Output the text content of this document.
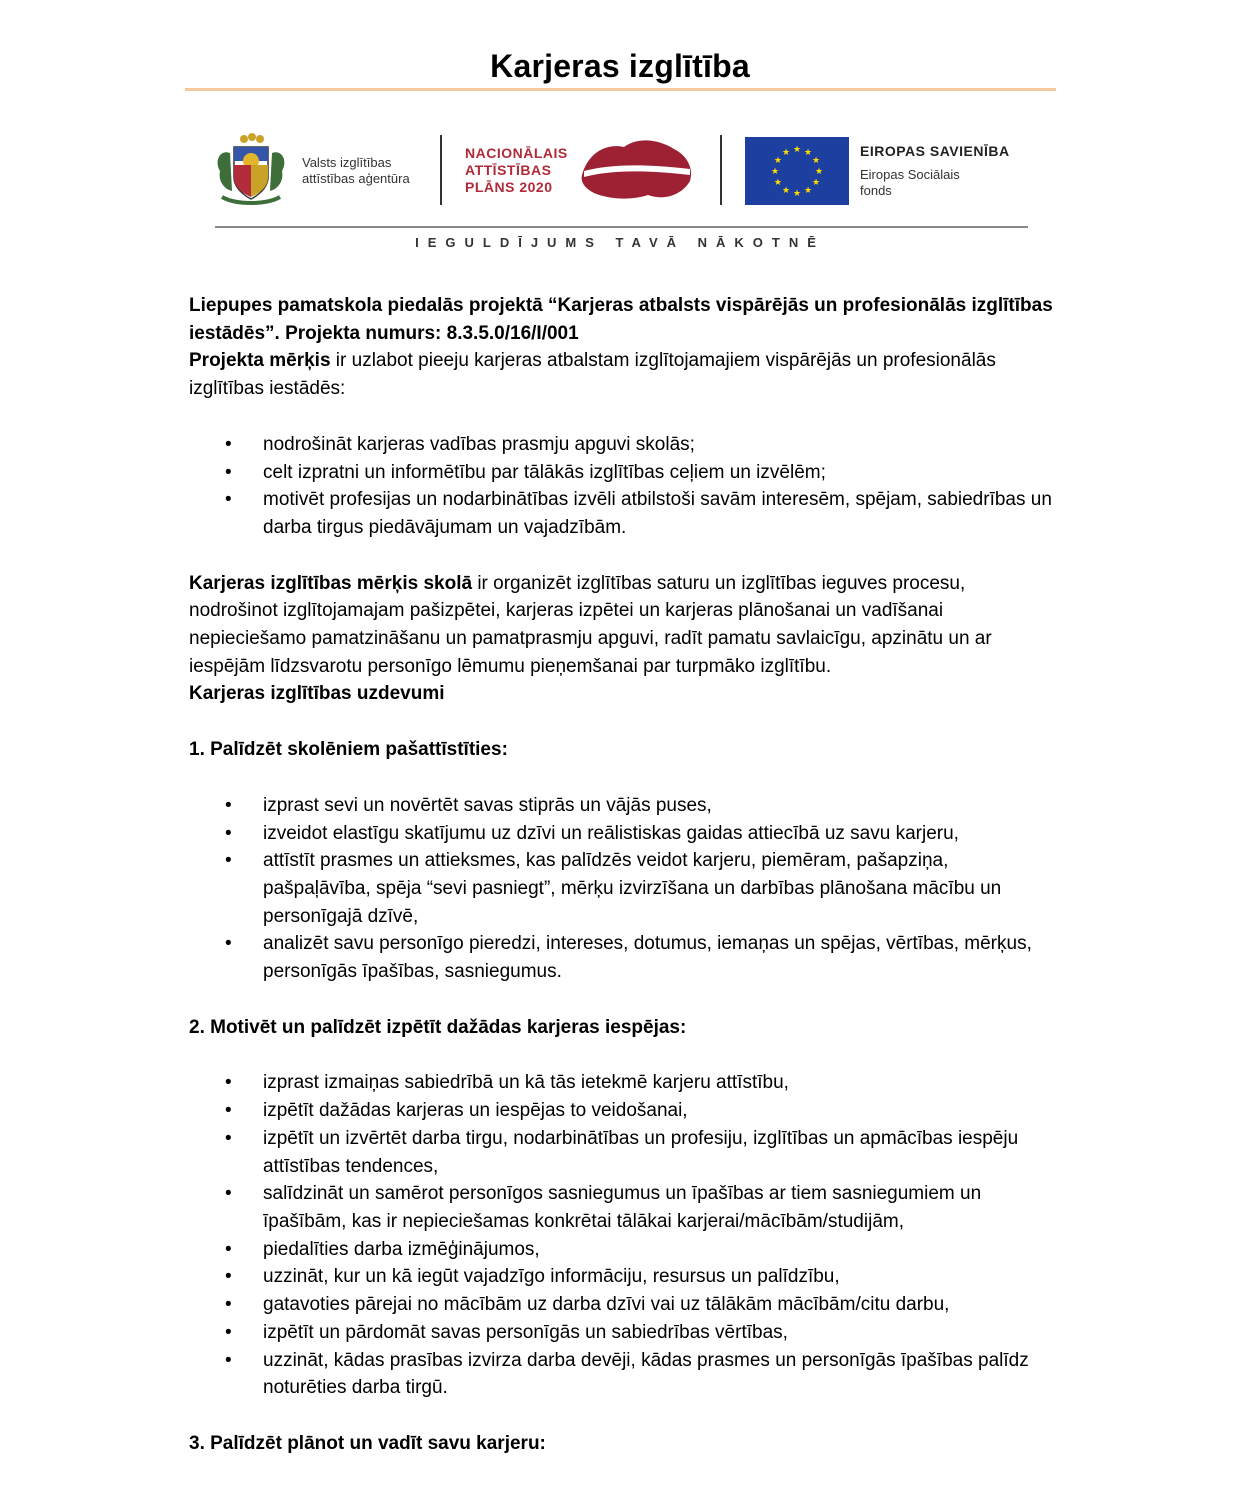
Karjeras izglītība
Valsts izglītības
attīstības aģentūra
NACIONĀLAIS
ATTĪSTĪBAS
PLĀNS 2020
★
★
★
★
★
★
★
★
★ ★ ★
★
EIROPAS SAVIENĪBA
Eiropas Sociālais
fonds
IEGULDĪJUMS TAVĀ NĀKOTNĒ

Liepupes pamatskola piedalās projektā “Karjeras atbalsts vispārējās un profesionālās izglītības iestādēs”. Projekta numurs: 8.3.5.0/16/I/001

Projekta mērķis ir uzlabot pieeju karjeras atbalstam izglītojamajiem vispārējās un profesionālās izglītības iestādēs:

• nodrošināt karjeras vadības prasmju apguvi skolās;
• celt izpratni un informētību par tālākās izglītības ceļiem un izvēlēm;
• motivēt profesijas un nodarbinātības izvēli atbilstoši savām interesēm, spējam, sabiedrības un darba tirgus piedāvājumam un vajadzībām.

Karjeras izglītības mērķis skolā ir organizēt izglītības saturu un izglītības ieguves procesu, nodrošinot izglītojamajam pašizpētei, karjeras izpētei un karjeras plānošanai un vadīšanai nepieciešamo pamatzināšanu un pamatprasmju apguvi, radīt pamatu savlaicīgu, apzinātu un ar iespējām līdzsvarotu personīgo lēmumu pieņemšanai par turpmāko izglītību.

Karjeras izglītības uzdevumi

1. Palīdzēt skolēniem pašattīstīties:

• izprast sevi un novērtēt savas stiprās un vājās puses,
• izveidot elastīgu skatījumu uz dzīvi un reālistiskas gaidas attiecībā uz savu karjeru,
• attīstīt prasmes un attieksmes, kas palīdzēs veidot karjeru, piemēram, pašapziņa, pašpaļāvība, spēja “sevi pasniegt”, mērķu izvirzīšana un darbības plānošana mācību un personīgajā dzīvē,
• analizēt savu personīgo pieredzi, intereses, dotumus, iemaņas un spējas, vērtības, mērķus, personīgās īpašības, sasniegumus.

2. Motivēt un palīdzēt izpētīt dažādas karjeras iespējas:

• izprast izmaiņas sabiedrībā un kā tās ietekmē karjeru attīstību,
• izpētīt dažādas karjeras un iespējas to veidošanai,
• izpētīt un izvērtēt darba tirgu, nodarbinātības un profesiju, izglītības un apmācības iespēju attīstības tendences,
• salīdzināt un samērot personīgos sasniegumus un īpašības ar tiem sasniegumiem un īpašībām, kas ir nepieciešamas konkrētai tālākai karjerai/mācībām/studijām,
• piedalīties darba izmēģinājumos,
• uzzināt, kur un kā iegūt vajadzīgo informāciju, resursus un palīdzību,
• gatavoties pārejai no mācībām uz darba dzīvi vai uz tālākām mācībām/citu darbu,
• izpētīt un pārdomāt savas personīgās un sabiedrības vērtības,
• uzzināt, kādas prasības izvirza darba devēji, kādas prasmes un personīgās īpašības palīdz noturēties darba tirgū.

3. Palīdzēt plānot un vadīt savu karjeru:
